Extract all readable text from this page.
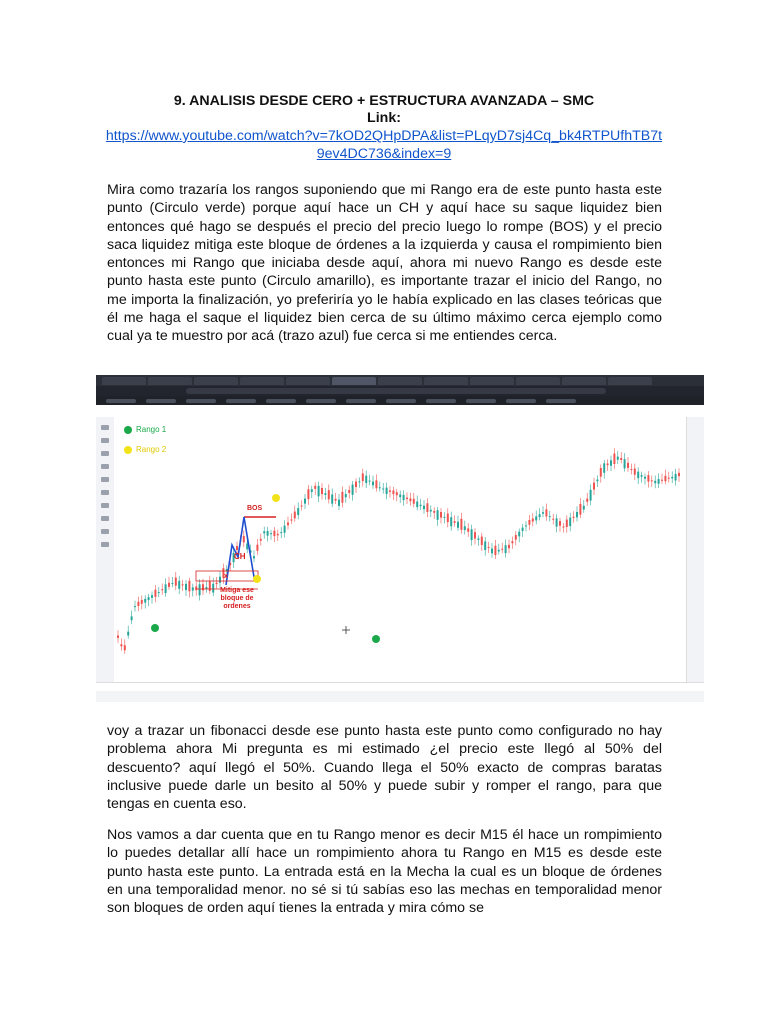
9. ANALISIS DESDE CERO + ESTRUCTURA AVANZADA – SMC
Link:
https://www.youtube.com/watch?v=7kOD2QHpDPA&list=PLqyD7sj4Cq_bk4RTPUfhTB7t9ev4DC736&index=9
Mira como trazaría los rangos suponiendo que mi Rango era de este punto hasta este punto (Circulo verde) porque aquí hace un CH y aquí hace su saque liquidez bien entonces qué hago se después el precio del precio luego lo rompe (BOS) y el precio saca liquidez mitiga este bloque de órdenes a la izquierda y causa el rompimiento bien entonces mi Rango que iniciaba desde aquí, ahora mi nuevo Rango es desde este punto hasta este punto (Circulo amarillo), es importante trazar el inicio del Rango, no me importa la finalización, yo preferiría yo le había explicado en las clases teóricas que él me haga el saque el liquidez bien cerca de su último máximo cerca ejemplo como cual ya te muestro por acá (trazo azul) fue cerca si me entiendes cerca.
Rango 1
Rango 2
BOS
CH
x
Mitiga ese
bloque de
ordenes
voy a trazar un fibonacci desde ese punto hasta este punto como configurado no hay problema ahora Mi pregunta es mi estimado ¿el precio este llegó al 50% del descuento? aquí llegó el 50%. Cuando llega el 50% exacto de compras baratas inclusive puede darle un besito al 50% y puede subir y romper el rango, para que tengas en cuenta eso.
Nos vamos a dar cuenta que en tu Rango menor es decir M15 él hace un rompimiento lo puedes detallar allí hace un rompimiento ahora tu Rango en M15 es desde este punto hasta este punto. La entrada está en la Mecha la cual es un bloque de órdenes en una temporalidad menor. no sé si tú sabías eso las mechas en temporalidad menor son bloques de orden aquí tienes la entrada y mira cómo se
